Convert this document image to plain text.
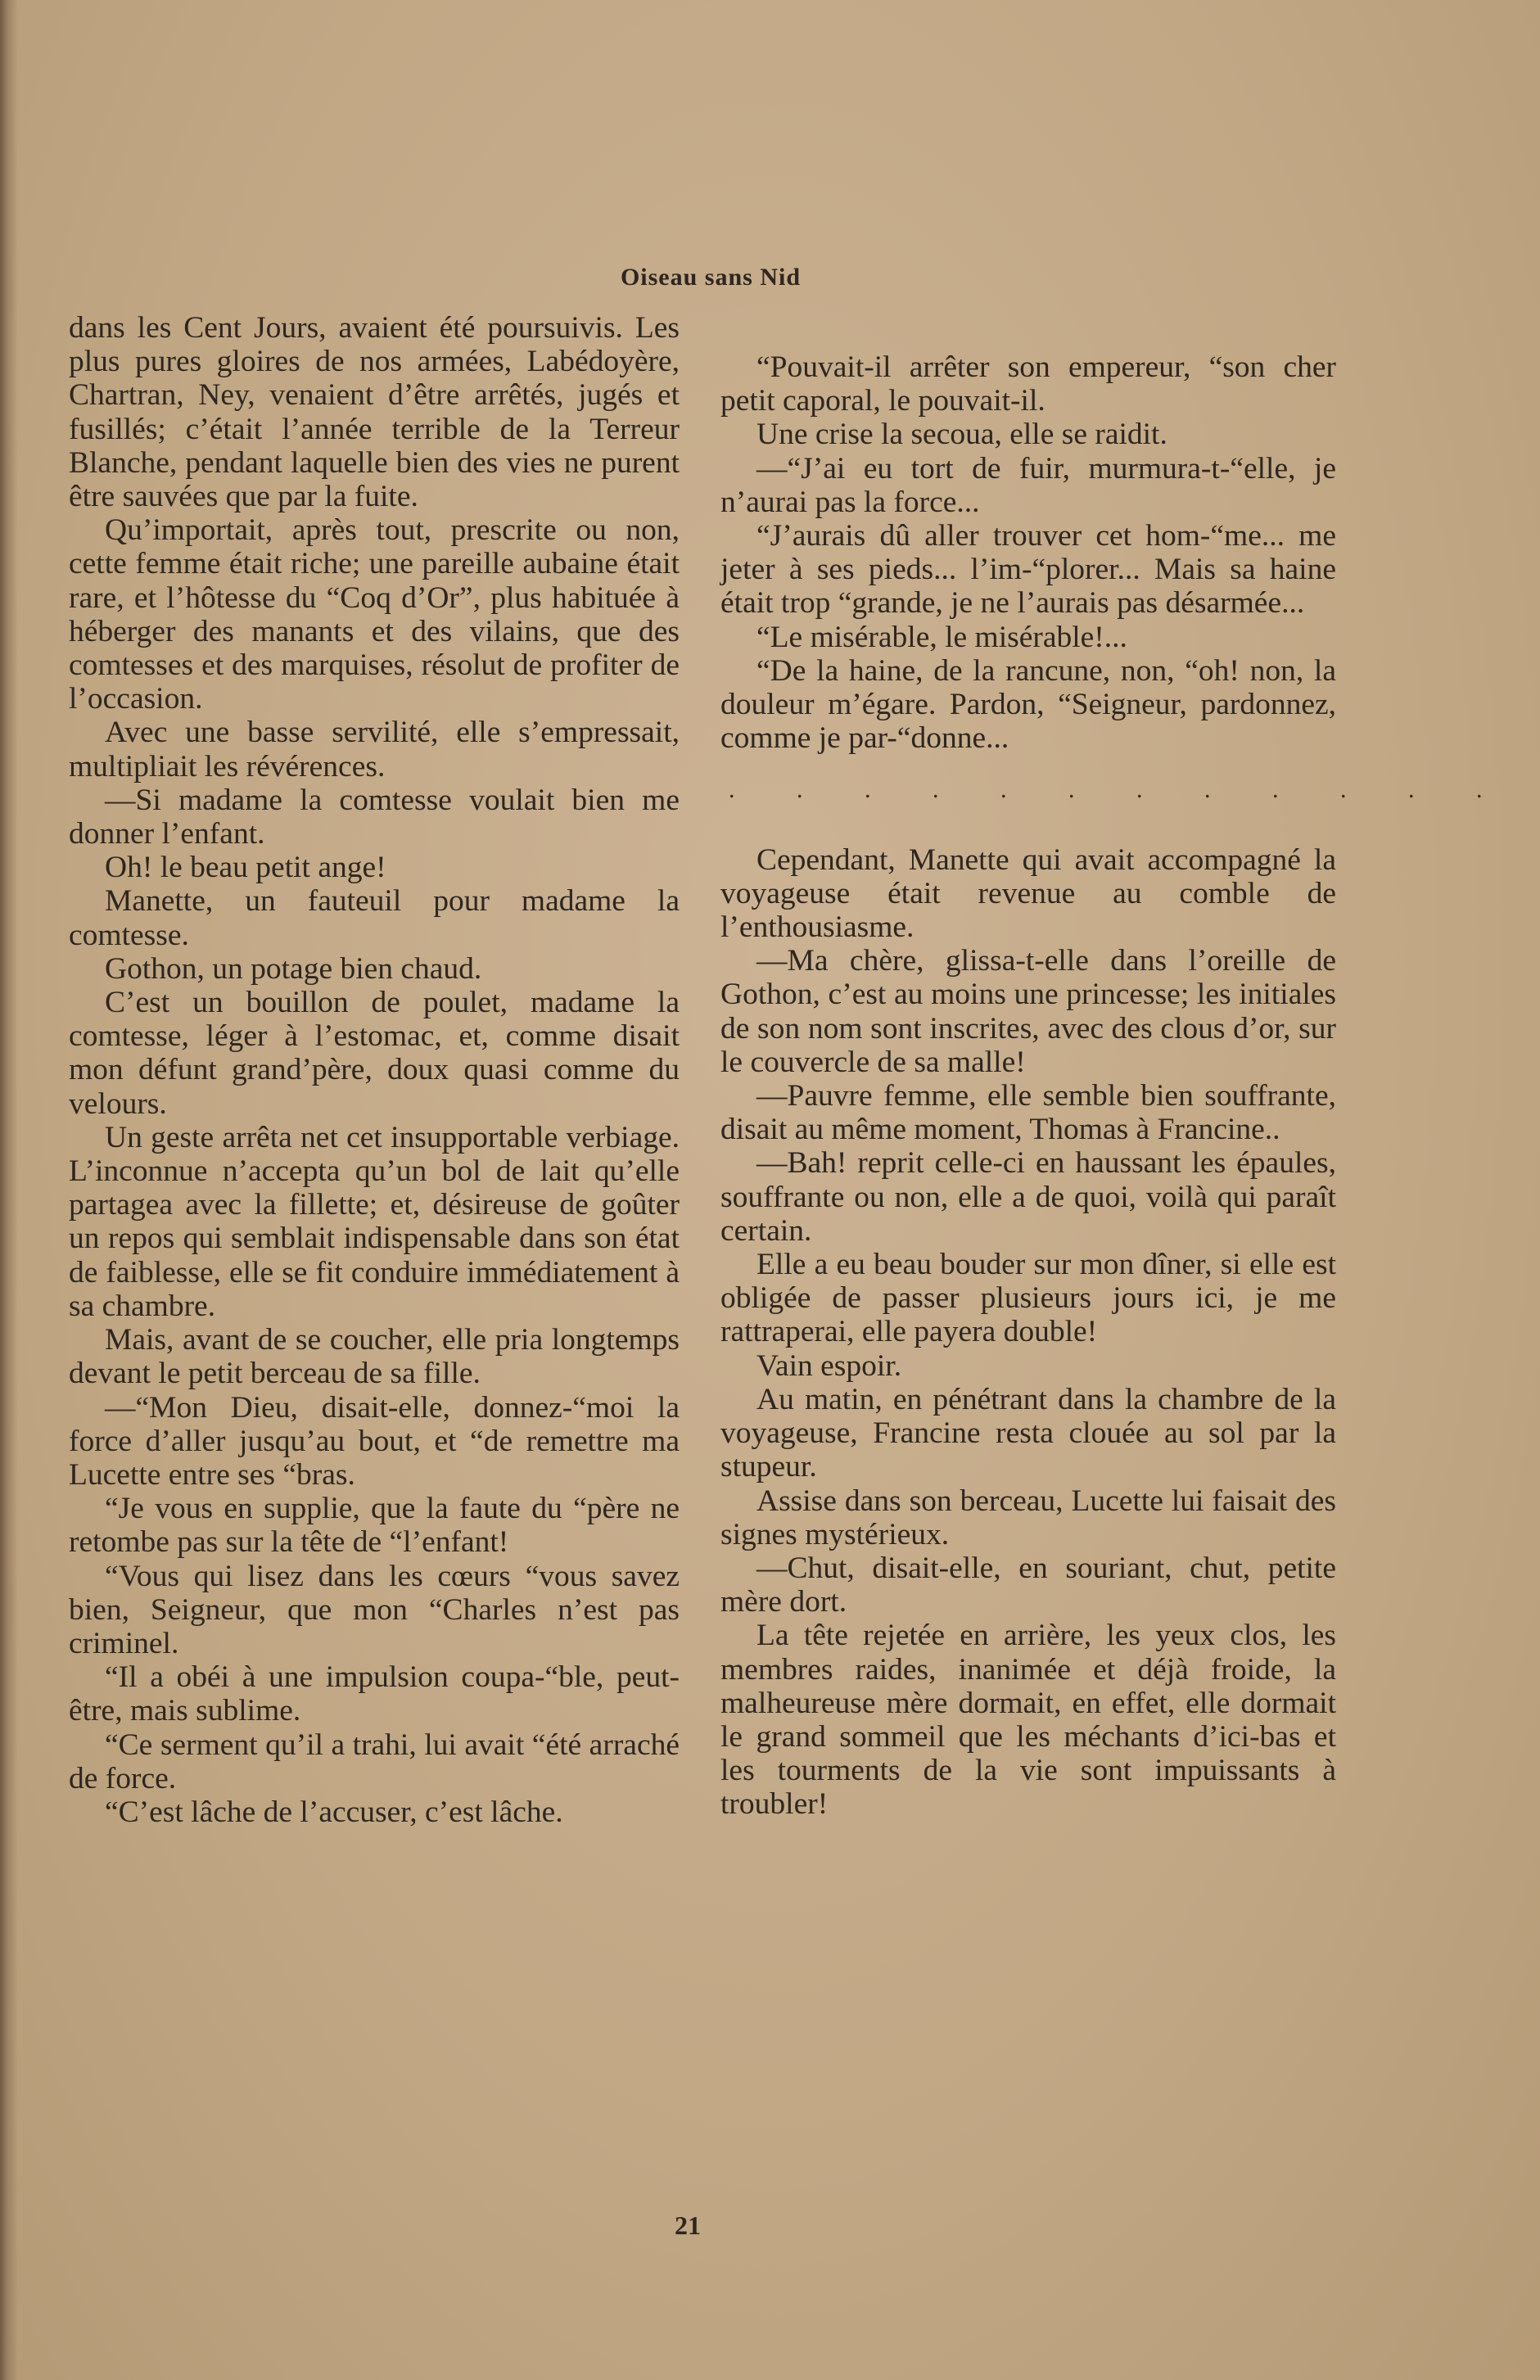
Oiseau sans Nid

dans les Cent Jours, avaient été poursuivis. Les plus pures gloires de nos armées, Labédoyère, Chartran, Ney, venaient d’être arrêtés, jugés et fusillés; c’était l’année terrible de la Terreur Blanche, pendant laquelle bien des vies ne purent être sauvées que par la fuite.

Qu’importait, après tout, prescrite ou non, cette femme était riche; une pareille aubaine était rare, et l’hôtesse du “Coq d’Or”, plus habituée à héberger des manants et des vilains, que des comtesses et des marquises, résolut de profiter de l’occasion.

Avec une basse servilité, elle s’empressait, multipliait les révérences.

—Si madame la comtesse voulait bien me donner l’enfant.

Oh! le beau petit ange!

Manette, un fauteuil pour madame la comtesse.

Gothon, un potage bien chaud.

C’est un bouillon de poulet, madame la comtesse, léger à l’estomac, et, comme disait mon défunt grand’père, doux quasi comme du velours.

Un geste arrêta net cet insupportable verbiage. L’inconnue n’accepta qu’un bol de lait qu’elle partagea avec la fillette; et, désireuse de goûter un repos qui semblait indispensable dans son état de faiblesse, elle se fit conduire immédiatement à sa chambre.

Mais, avant de se coucher, elle pria longtemps devant le petit berceau de sa fille.

—“Mon Dieu, disait-elle, donnez-“moi la force d’aller jusqu’au bout, et “de remettre ma Lucette entre ses “bras.

“Je vous en supplie, que la faute du “père ne retombe pas sur la tête de “l’enfant!

“Vous qui lisez dans les cœurs “vous savez bien, Seigneur, que mon “Charles n’est pas criminel.

“Il a obéi à une impulsion coupa-“ble, peut-être, mais sublime.

“Ce serment qu’il a trahi, lui avait “été arraché de force.

“C’est lâche de l’accuser, c’est lâche.

“Pouvait-il arrêter son empereur, “son cher petit caporal, le pouvait-il.

Une crise la secoua, elle se raidit.

—“J’ai eu tort de fuir, murmura-t-“elle, je n’aurai pas la force...

“J’aurais dû aller trouver cet hom-“me... me jeter à ses pieds... l’im-“plorer... Mais sa haine était trop “grande, je ne l’aurais pas désarmée...

“Le misérable, le misérable!...

“De la haine, de la rancune, non, “oh! non, la douleur m’égare. Pardon, “Seigneur, pardonnez, comme je par-“donne...

. . . . . . . . . . . .

Cependant, Manette qui avait accompagné la voyageuse était revenue au comble de l’enthousiasme.

—Ma chère, glissa-t-elle dans l’oreille de Gothon, c’est au moins une princesse; les initiales de son nom sont inscrites, avec des clous d’or, sur le couvercle de sa malle!

—Pauvre femme, elle semble bien souffrante, disait au même moment, Thomas à Francine..

—Bah! reprit celle-ci en haussant les épaules, souffrante ou non, elle a de quoi, voilà qui paraît certain.

Elle a eu beau bouder sur mon dîner, si elle est obligée de passer plusieurs jours ici, je me rattraperai, elle payera double!

Vain espoir.

Au matin, en pénétrant dans la chambre de la voyageuse, Francine resta clouée au sol par la stupeur.

Assise dans son berceau, Lucette lui faisait des signes mystérieux.

—Chut, disait-elle, en souriant, chut, petite mère dort.

La tête rejetée en arrière, les yeux clos, les membres raides, inanimée et déjà froide, la malheureuse mère dormait, en effet, elle dormait le grand sommeil que les méchants d’ici-bas et les tourments de la vie sont impuissants à troubler!

21
